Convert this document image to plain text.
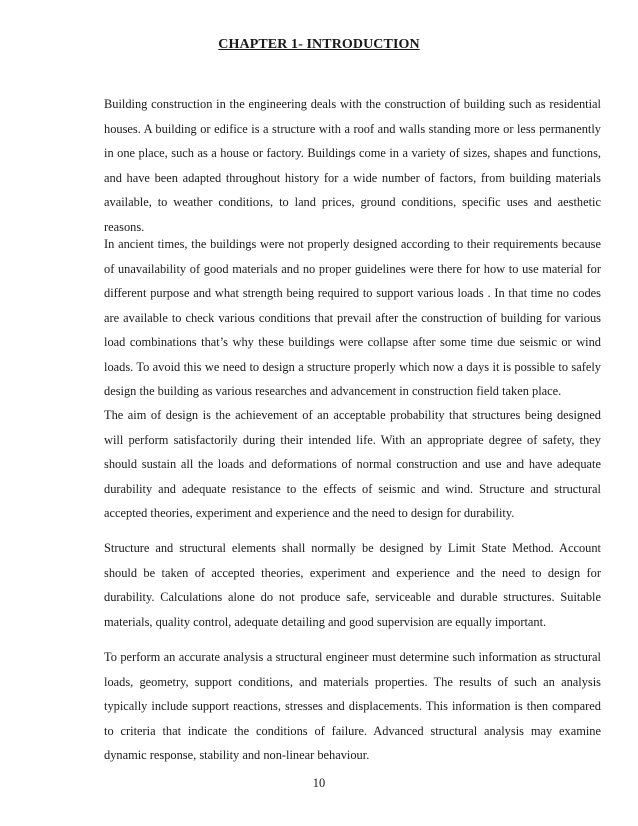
CHAPTER 1- INTRODUCTION

Building construction in the engineering deals with the construction of building such as residential houses. A building or edifice is a structure with a roof and walls standing more or less permanently in one place, such as a house or factory. Buildings come in a variety of sizes, shapes and functions, and have been adapted throughout history for a wide number of factors, from building materials available, to weather conditions, to land prices, ground conditions, specific uses and aesthetic reasons.

In ancient times, the buildings were not properly designed according to their requirements because of unavailability of good materials and no proper guidelines were there for how to use material for different purpose and what strength being required to support various loads . In that time no codes are available to check various conditions that prevail after the construction of building for various load combinations that’s why these buildings were collapse after some time due seismic or wind loads. To avoid this we need to design a structure properly which now a days it is possible to safely design the building as various researches and advancement in construction field taken place.

The aim of design is the achievement of an acceptable probability that structures being designed will perform satisfactorily during their intended life. With an appropriate degree of safety, they should sustain all the loads and deformations of normal construction and use and have adequate durability and adequate resistance to the effects of seismic and wind. Structure and structural accepted theories, experiment and experience and the need to design for durability.

Structure and structural elements shall normally be designed by Limit State Method. Account should be taken of accepted theories, experiment and experience and the need to design for durability. Calculations alone do not produce safe, serviceable and durable structures. Suitable materials, quality control, adequate detailing and good supervision are equally important.

To perform an accurate analysis a structural engineer must determine such information as structural loads, geometry, support conditions, and materials properties. The results of such an analysis typically include support reactions, stresses and displacements. This information is then compared to criteria that indicate the conditions of failure. Advanced structural analysis may examine dynamic response, stability and non-linear behaviour.

10
